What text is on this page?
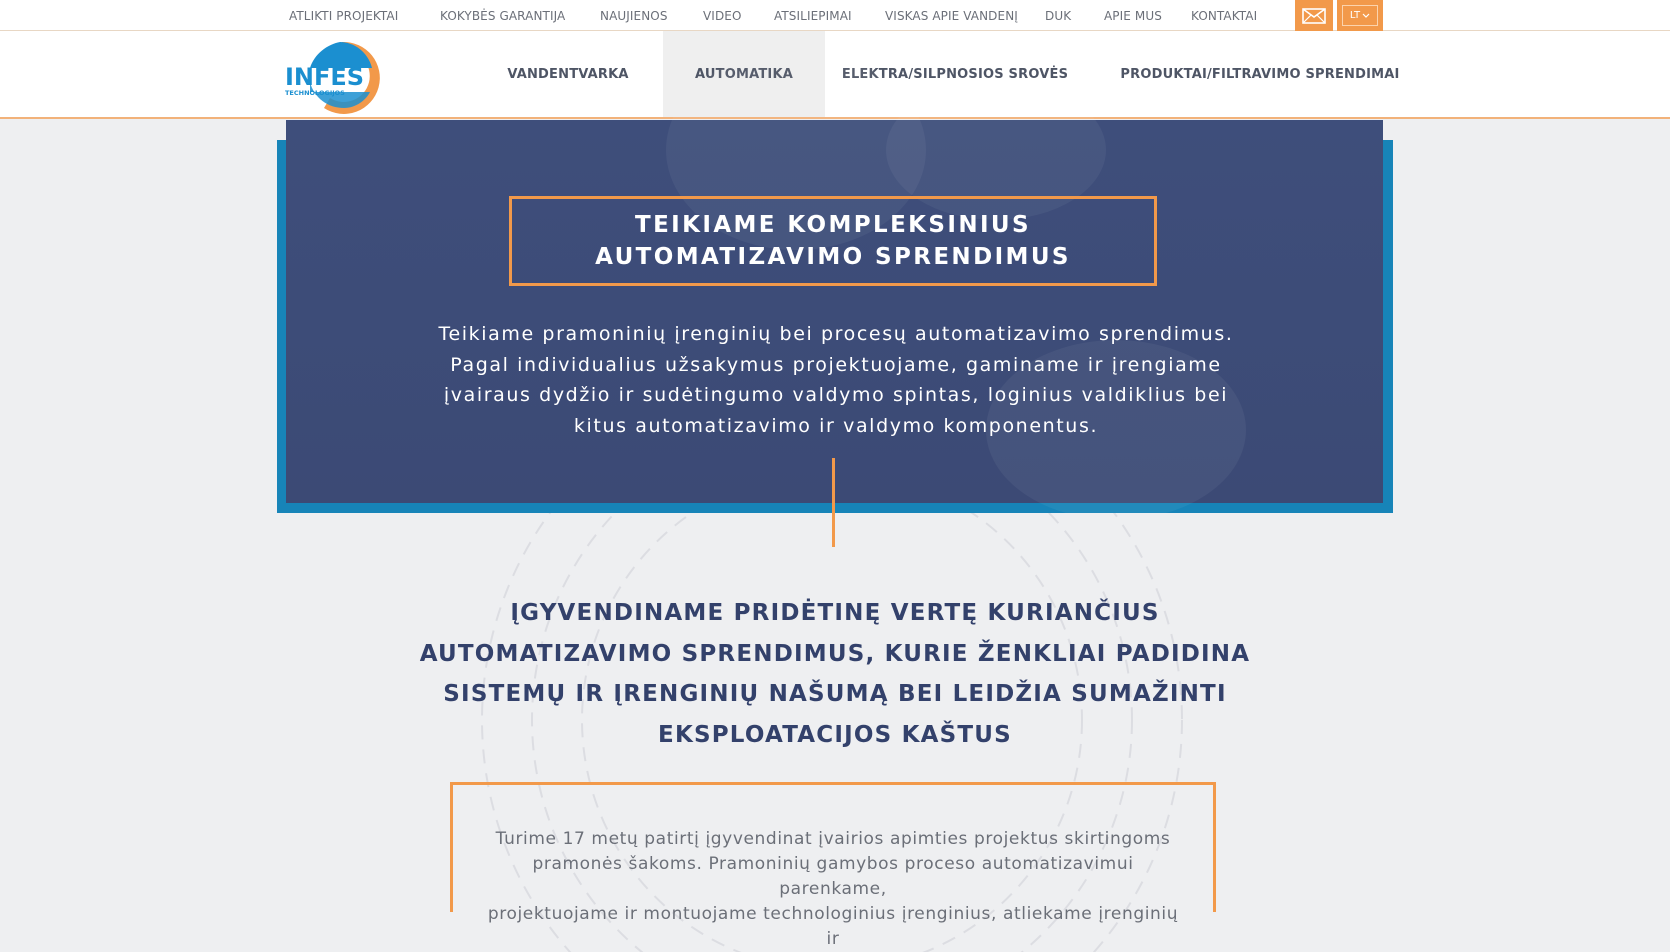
ATLIKTI PROJEKTAI	KOKYBĖS GARANTIJA	NAUJIENOS	VIDEO	ATSILIEPIMAI	VISKAS APIE VANDENĮ DUK	APIE MUS KONTAKTAI	LT
INFES
TECHNOLOGIJOS
VANDENTVARKA	AUTOMATIKA	ELEKTRA/SILPNOSIOS SROVĖS	PRODUKTAI/FILTRAVIMO SPRENDIMAI
TEIKIAME KOMPLEKSINIUS
AUTOMATIZAVIMO SPRENDIMUS

Teikiame pramoninių įrenginių bei procesų automatizavimo sprendimus.
Pagal individualius užsakymus projektuojame, gaminame ir įrengiame
įvairaus dydžio ir sudėtingumo valdymo spintas, loginius valdiklius bei
kitus automatizavimo ir valdymo komponentus.

ĮGYVENDINAME PRIDĖTINĘ VERTĘ KURIANČIUS
AUTOMATIZAVIMO SPRENDIMUS, KURIE ŽENKLIAI PADIDINA
SISTEMŲ IR ĮRENGINIŲ NAŠUMĄ BEI LEIDŽIA SUMAŽINTI
EKSPLOATACIJOS KAŠTUS

Turime 17 metų patirtį įgyvendinat įvairios apimties projektus skirtingoms
pramonės šakoms. Pramoninių gamybos proceso automatizavimui parenkame,
projektuojame ir montuojame technologinius įrenginius, atliekame įrenginių ir
